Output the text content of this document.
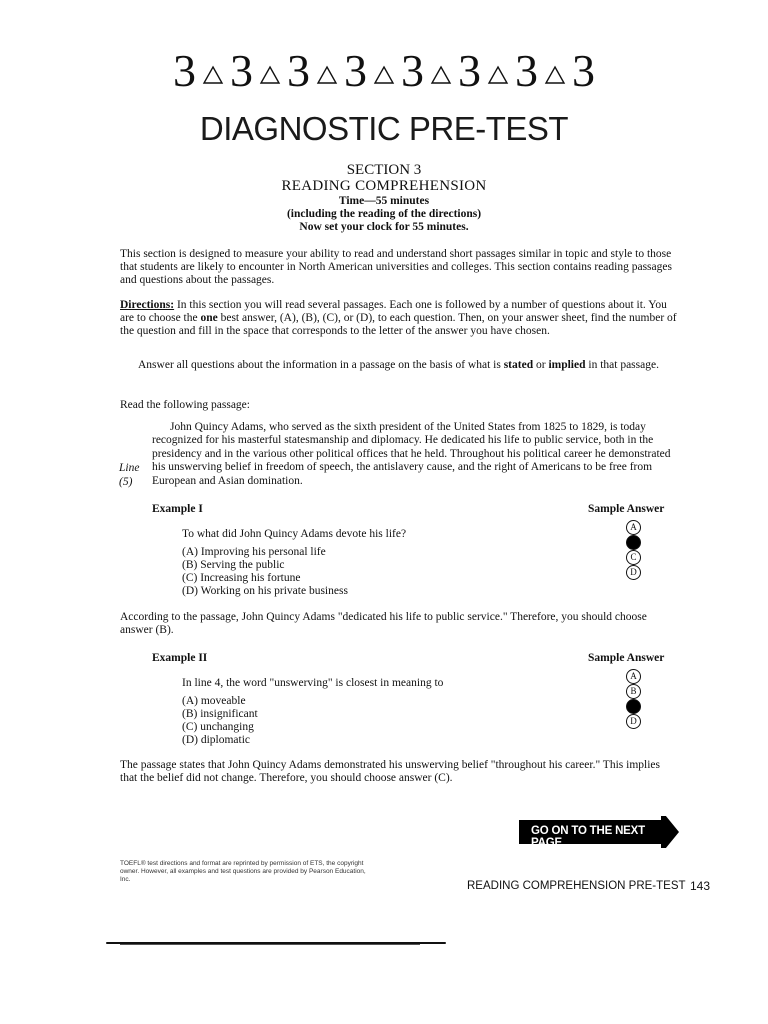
3 3 3 3 3 3 3 3
DIAGNOSTIC PRE-TEST
SECTION 3
READING COMPREHENSION
Time—55 minutes
(including the reading of the directions)
Now set your clock for 55 minutes.
This section is designed to measure your ability to read and understand short passages similar in topic and style to those that students are likely to encounter in North American universities and colleges. This section contains reading passages and questions about the passages.
Directions: In this section you will read several passages. Each one is followed by a number of questions about it. You are to choose the one best answer, (A), (B), (C), or (D), to each question. Then, on your answer sheet, find the number of the question and fill in the space that corresponds to the letter of the answer you have chosen.
Answer all questions about the information in a passage on the basis of what is stated or implied in that passage.
Read the following passage:
John Quincy Adams, who served as the sixth president of the United States from 1825 to 1829, is today recognized for his masterful statesmanship and diplomacy. He dedicated his life to public service, both in the presidency and in the various other political offices that he held. Throughout his political career he demonstrated his unswerving belief in freedom of speech, the antislavery cause, and the right of Americans to be free from European and Asian domination.
Line
(5)
Example I	Sample Answer
To what did John Quincy Adams devote his life?
(A) Improving his personal life
(B) Serving the public
(C) Increasing his fortune
(D) Working on his private business
A
B
C
D
According to the passage, John Quincy Adams "dedicated his life to public service." Therefore, you should choose answer (B).
Example II	Sample Answer
In line 4, the word "unswerving" is closest in meaning to
(A) moveable
(B) insignificant
(C) unchanging
(D) diplomatic
A
B
C
D
The passage states that John Quincy Adams demonstrated his unswerving belief "throughout his career." This implies that the belief did not change. Therefore, you should choose answer (C).
GO ON TO THE NEXT PAGE
TOEFL® test directions and format are reprinted by permission of ETS, the copyright owner. However, all examples and test questions are provided by Pearson Education, Inc.
READING COMPREHENSION PRE-TEST 143
